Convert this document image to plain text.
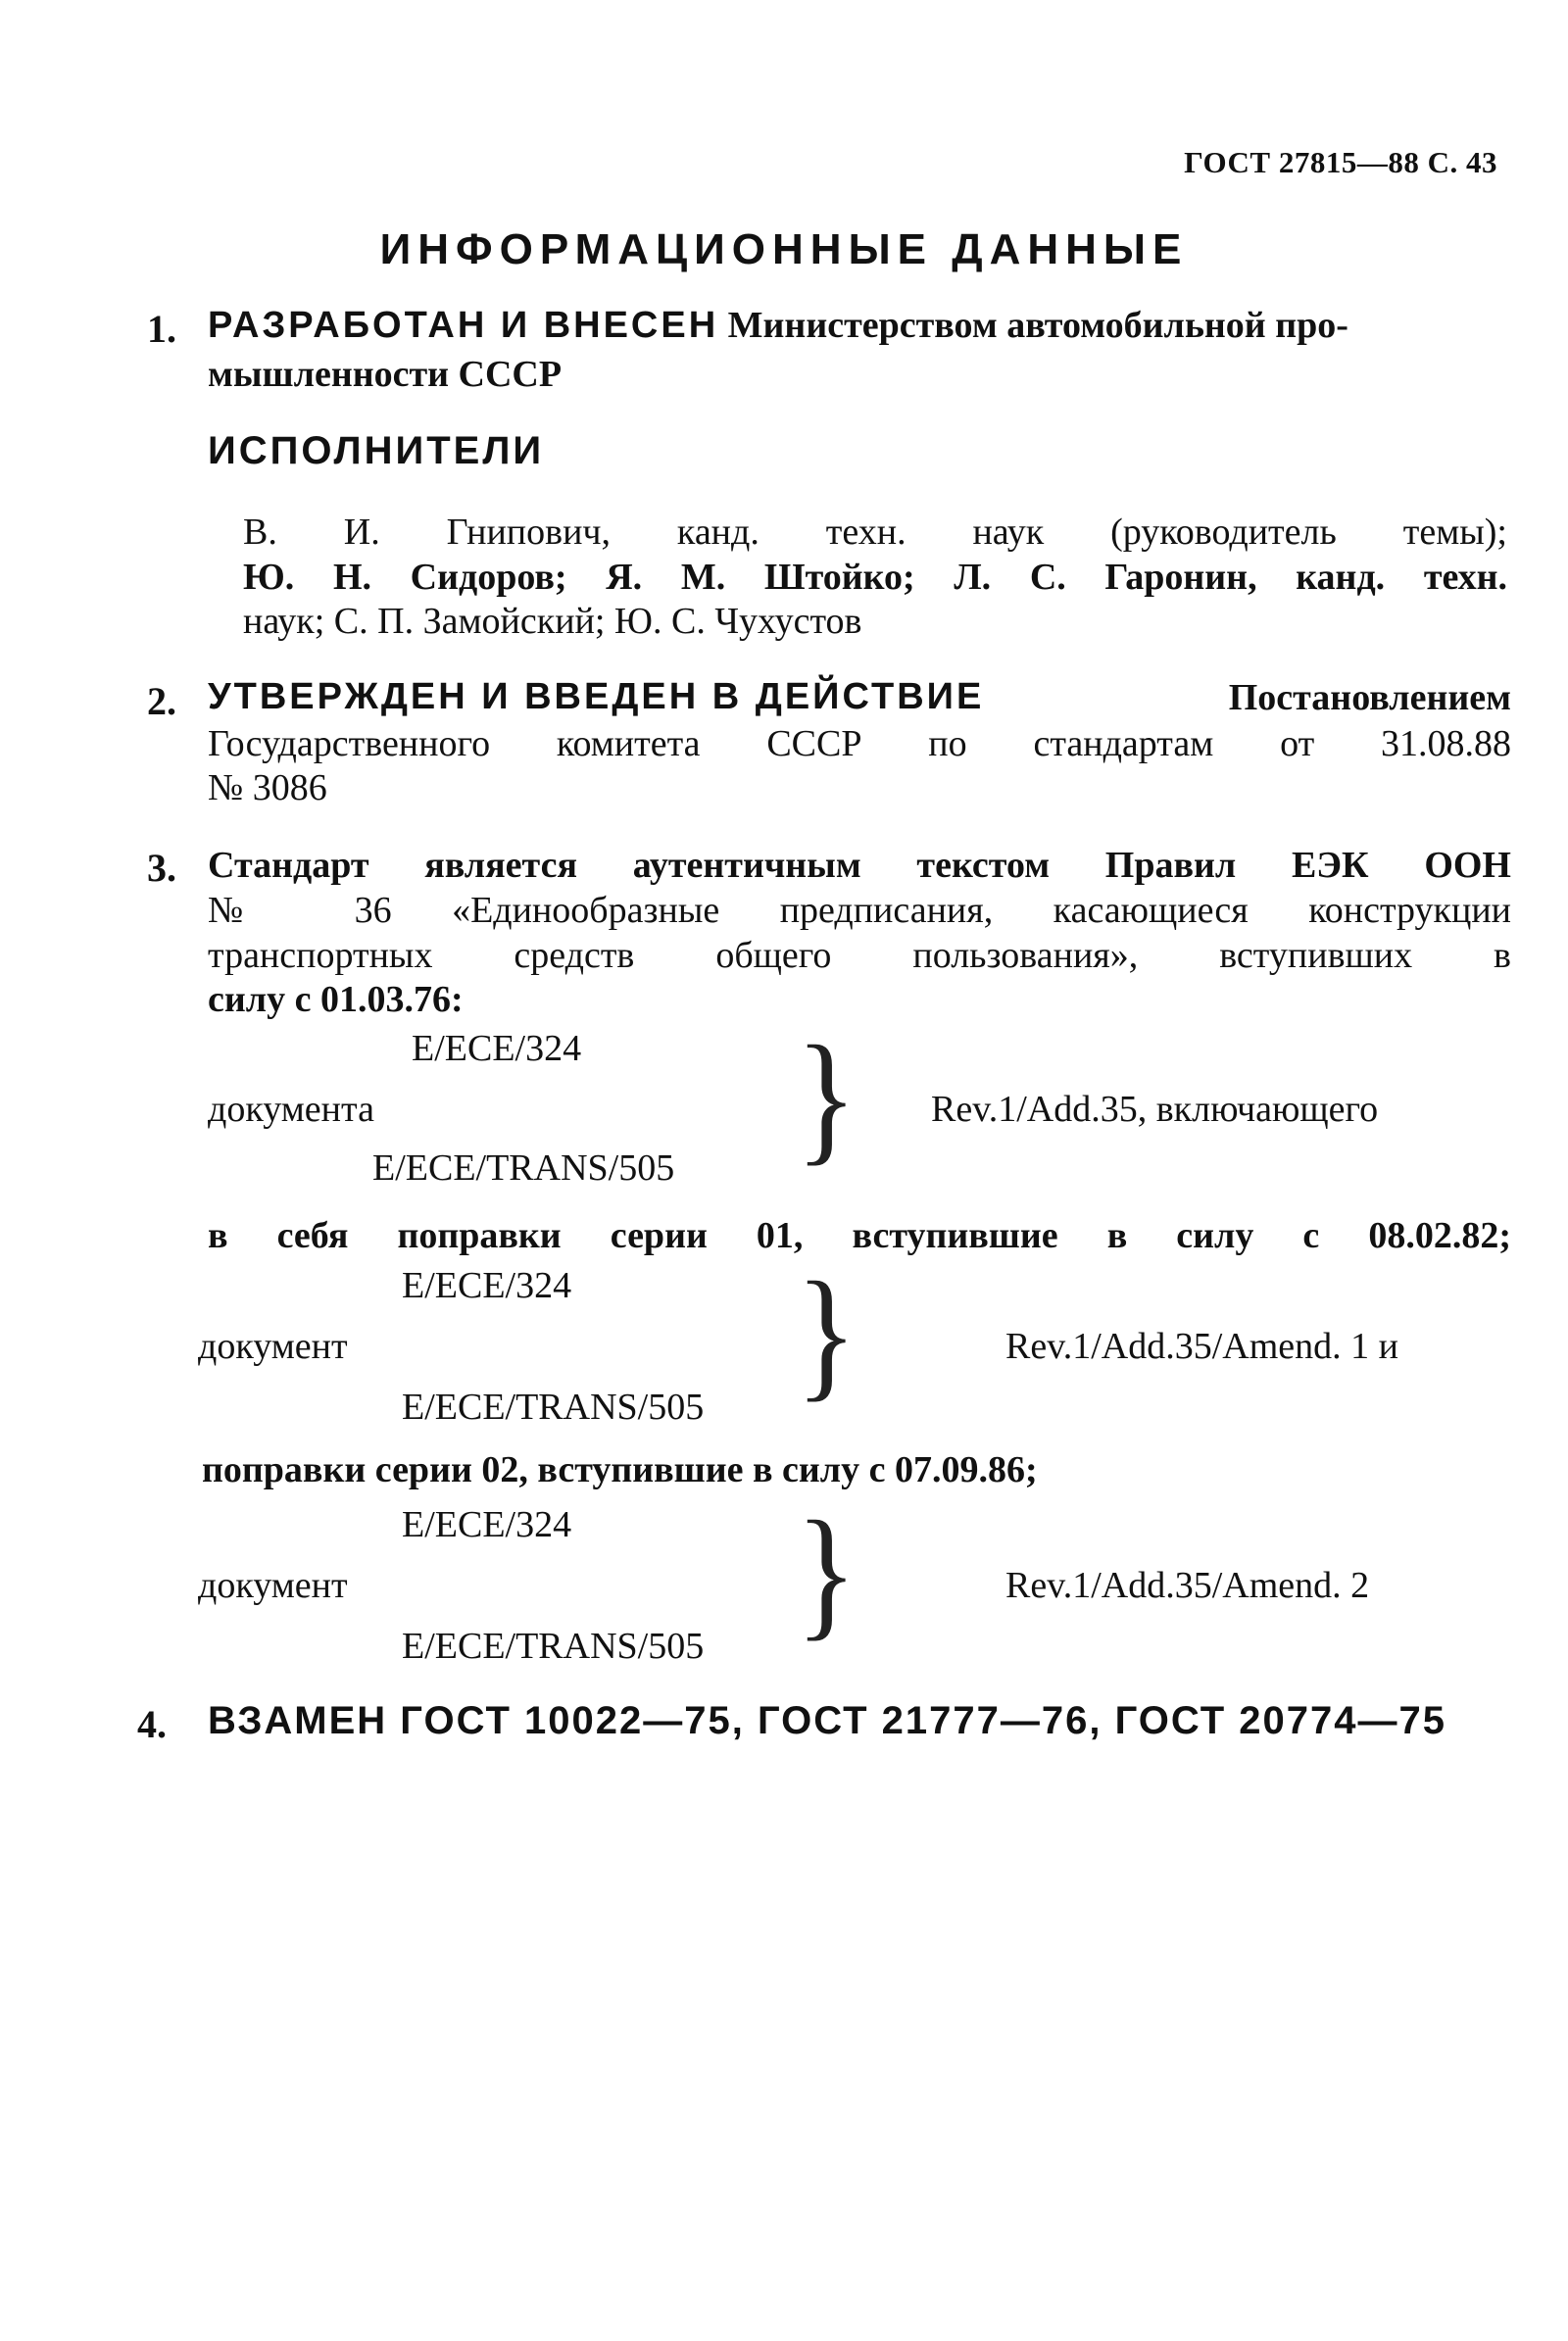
ГОСТ 27815—88 С. 43
ИНФОРМАЦИОННЫЕ ДАННЫЕ
1. РАЗРАБОТАН И ВНЕСЕН Министерством автомобильной про-
мышленности СССР
ИСПОЛНИТЕЛИ
В. И. Гнипович, канд. техн. наук (руководитель темы);
Ю. Н. Сидоров; Я. М. Штойко; Л. С. Гаронин, канд. техн.
наук; С. П. Замойский; Ю. С. Чухустов
2. УТВЕРЖДЕН И ВВЕДЕН В ДЕЙСТВИЕ	Постановлением
Государственного комитета СССР по стандартам от 31.08.88
№ 3086
3. Стандарт является аутентичным текстом Правил ЕЭК ООН
№ 36 «Единообразные предписания, касающиеся конструкции
транспортных средств общего пользования», вступивших в
силу с 01.03.76:
E/ECE/324
документа
E/ECE/TRANS/505 } Rev.1/Add.35, включающего
в себя поправки серии 01, вступившие в силу с 08.02.82;
E/ECE/324
документ
E/ECE/TRANS/505 }	Rev.1/Add.35/Amend. 1 и
поправки серии 02, вступившие в силу с 07.09.86;
E/ECE/324
документ
E/ECE/TRANS/505 }	Rev.1/Add.35/Amend. 2
4. ВЗАМЕН ГОСТ 10022—75, ГОСТ 21777—76, ГОСТ 20774—75
